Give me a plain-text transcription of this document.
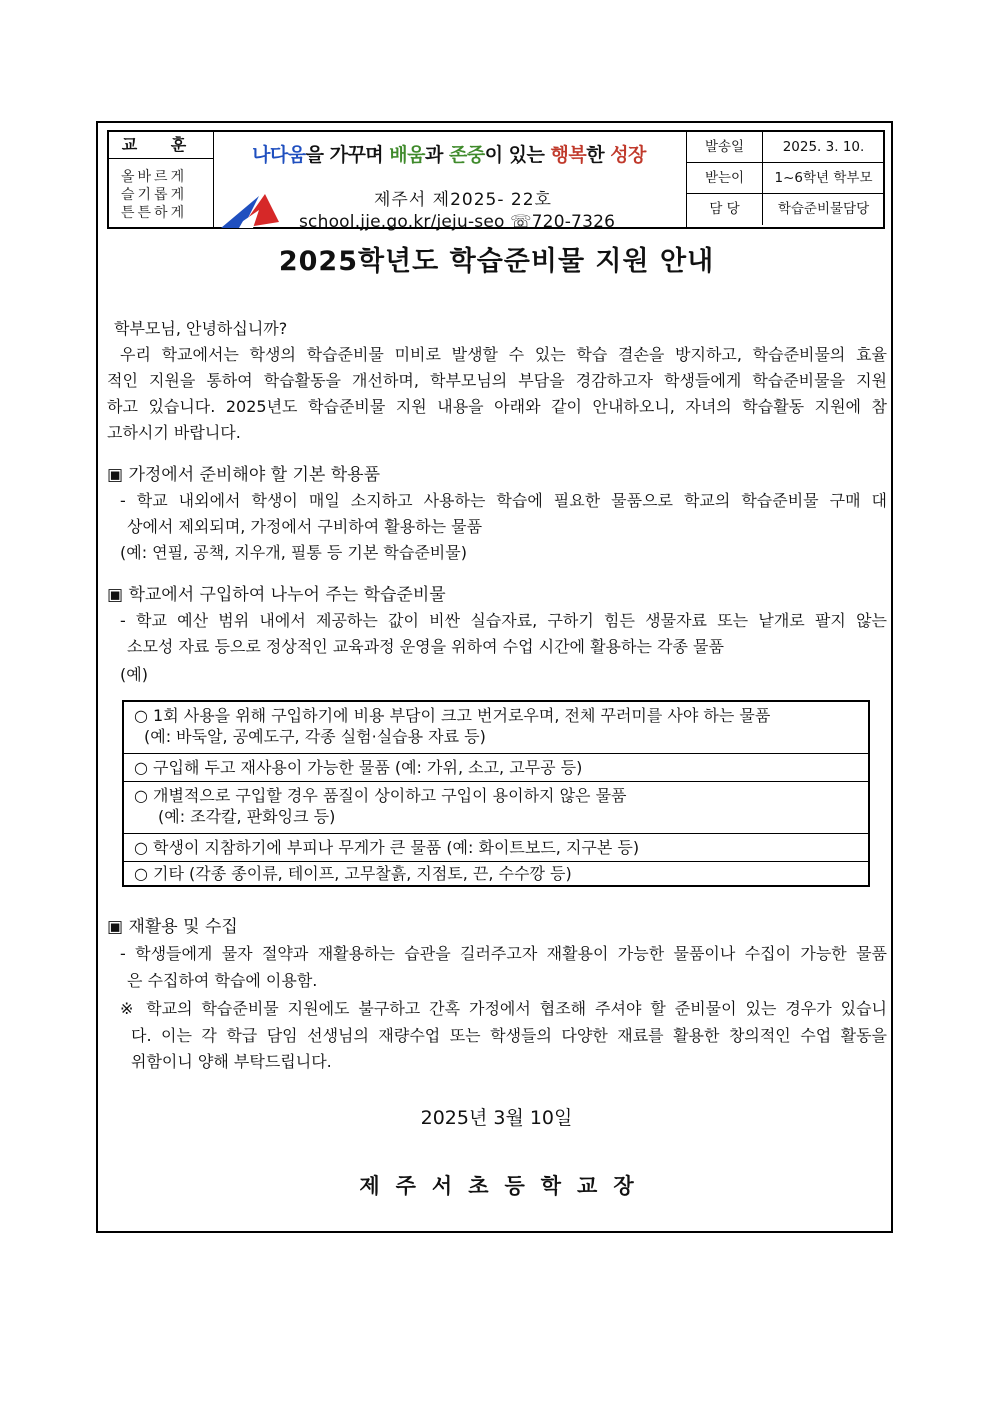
교 훈
올바르게
슬기롭게
튼튼하게
나다움을 가꾸며 배움과 존중이 있는 행복한 성장
제주서 제2025- 22호
school.jje.go.kr/jeju-seo ☏720-7326
발송일	2025. 3. 10.
받는이	1~6학년 학부모
담 당	학습준비물담당
2025학년도 학습준비물 지원 안내
학부모님, 안녕하십니까?
우리 학교에서는 학생의 학습준비물 미비로 발생할 수 있는 학습 결손을 방지하고, 학습준비물의 효율
적인 지원을 통하여 학습활동을 개선하며, 학부모님의 부담을 경감하고자 학생들에게 학습준비물을 지원
하고 있습니다. 2025년도 학습준비물 지원 내용을 아래와 같이 안내하오니, 자녀의 학습활동 지원에 참
고하시기 바랍니다.
▣ 가정에서 준비해야 할 기본 학용품
- 학교 내외에서 학생이 매일 소지하고 사용하는 학습에 필요한 물품으로 학교의 학습준비물 구매 대
상에서 제외되며, 가정에서 구비하여 활용하는 물품
(예: 연필, 공책, 지우개, 필통 등 기본 학습준비물)
▣ 학교에서 구입하여 나누어 주는 학습준비물
- 학교 예산 범위 내에서 제공하는 값이 비싼 실습자료, 구하기 힘든 생물자료 또는 낱개로 팔지 않는
소모성 자료 등으로 정상적인 교육과정 운영을 위하여 수업 시간에 활용하는 각종 물품
(예)
○ 1회 사용을 위해 구입하기에 비용 부담이 크고 번거로우며, 전체 꾸러미를 사야 하는 물품
(예: 바둑알, 공예도구, 각종 실험·실습용 자료 등)
○ 구입해 두고 재사용이 가능한 물품 (예: 가위, 소고, 고무공 등)
○ 개별적으로 구입할 경우 품질이 상이하고 구입이 용이하지 않은 물품
(예: 조각칼, 판화잉크 등)
○ 학생이 지참하기에 부피나 무게가 큰 물품 (예: 화이트보드, 지구본 등)
○ 기타 (각종 종이류, 테이프, 고무찰흙, 지점토, 끈, 수수깡 등)
▣ 재활용 및 수집
- 학생들에게 물자 절약과 재활용하는 습관을 길러주고자 재활용이 가능한 물품이나 수집이 가능한 물품
은 수집하여 학습에 이용함.
※ 학교의 학습준비물 지원에도 불구하고 간혹 가정에서 협조해 주셔야 할 준비물이 있는 경우가 있습니
다. 이는 각 학급 담임 선생님의 재량수업 또는 학생들의 다양한 재료를 활용한 창의적인 수업 활동을
위함이니 양해 부탁드립니다.
2025년 3월 10일
제주서초등학교장
